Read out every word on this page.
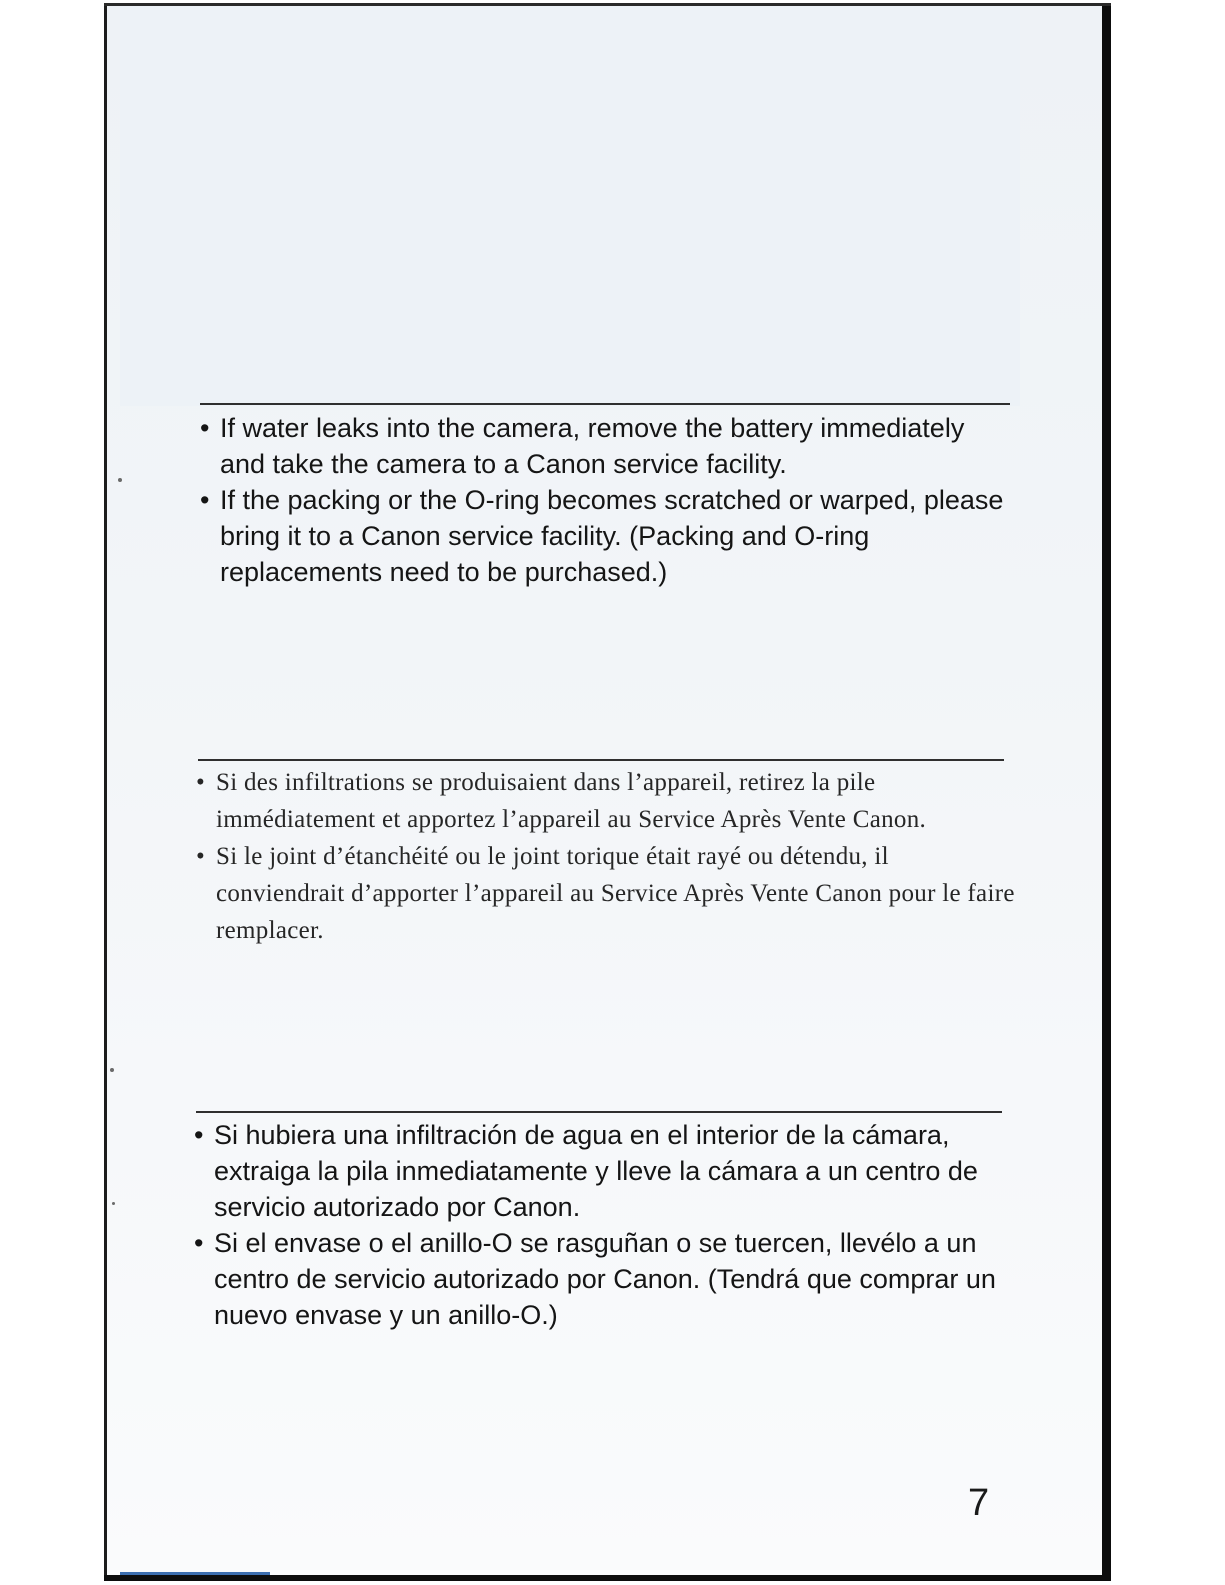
• If water leaks into the camera, remove the battery immediately and take the camera to a Canon service facility.
• If the packing or the O-ring becomes scratched or warped, please bring it to a Canon service facility. (Packing and O-ring replacements need to be purchased.)
• Si des infiltrations se produisaient dans l’appareil, retirez la pile immédiatement et apportez l’appareil au Service Après Vente Canon.
• Si le joint d’étanchéité ou le joint torique était rayé ou détendu, il conviendrait d’apporter l’appareil au Service Après Vente Canon pour le faire remplacer.
• Si hubiera una infiltración de agua en el interior de la cámara, extraiga la pila inmediatamente y lleve la cámara a un centro de servicio autorizado por Canon.
• Si el envase o el anillo-O se rasguñan o se tuercen, llevélo a un centro de servicio autorizado por Canon. (Tendrá que comprar un nuevo envase y un anillo-O.)
7
